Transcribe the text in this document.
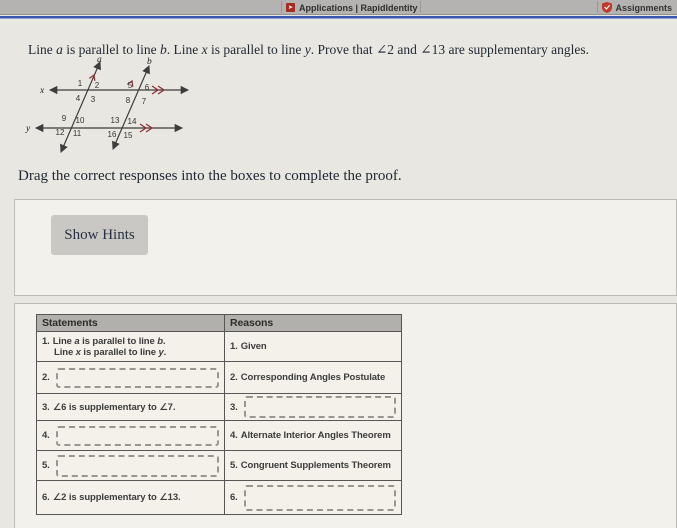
➤ Applications | RapidIdentity	Assignments
Line a is parallel to line b. Line x is parallel to line y. Prove that ∠2 and ∠13 are supplementary angles.
a	b
x
y
1 2
3
4
5 6
7
8
9 10
11
12
13 14
15
16
Drag the correct responses into the boxes to complete the proof.
Show Hints
Statements	Reasons

1. Line a is parallel to line b.
Line x is parallel to line y.	1. Given

2.	2. Corresponding Angles Postulate
3. ∠6 is supplementary to ∠7.	3.

4.	4. Alternate Interior Angles Theorem

5.	5. Congruent Supplements Theorem
6. ∠2 is supplementary to ∠13.	6.
